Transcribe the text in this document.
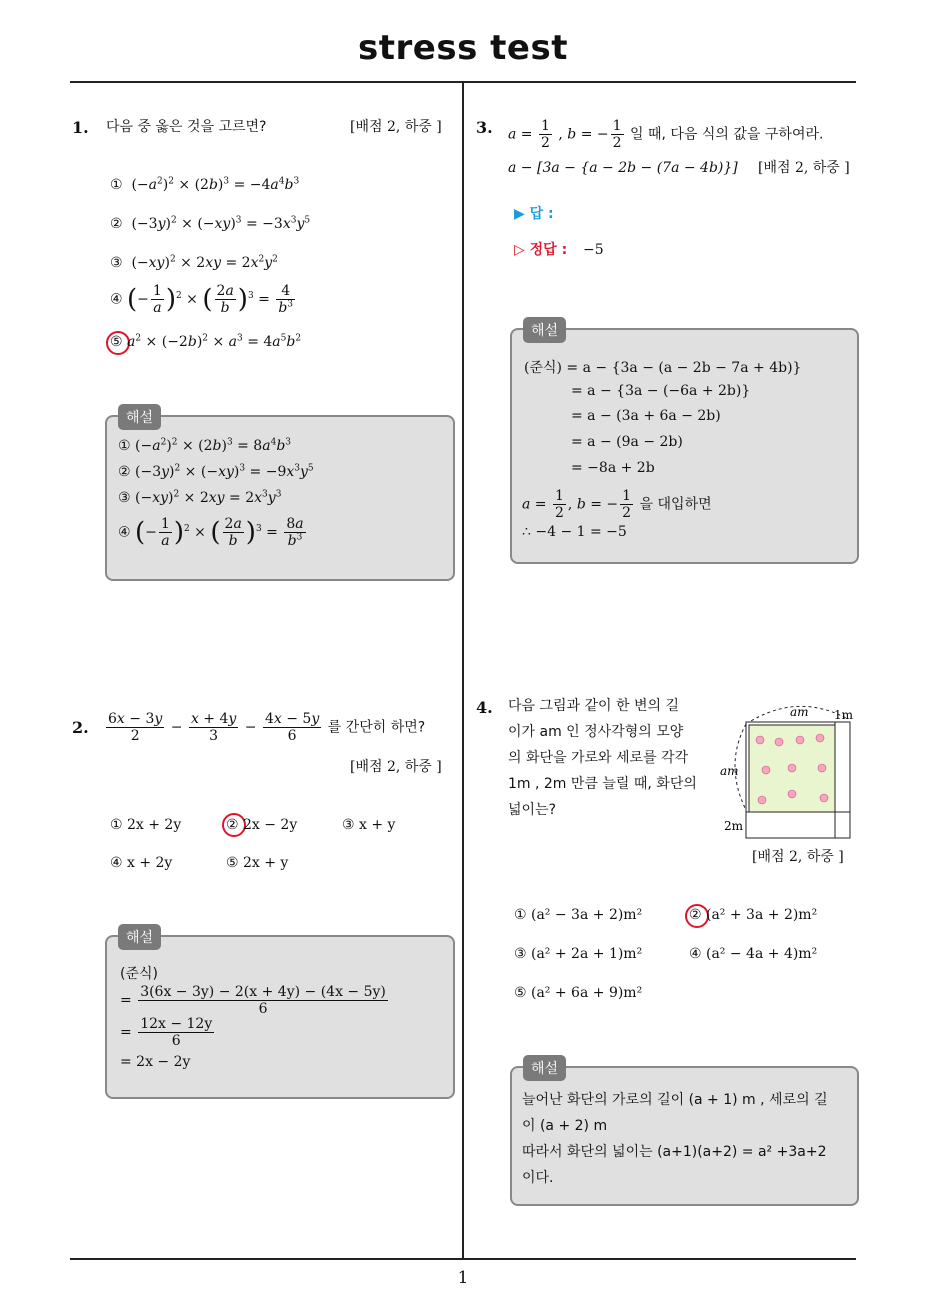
stress test
1
1. 다음 중 옳은 것을 고르면?	[배점 2, 하중 ]
①  $(-a^2)^2 \times (2b)^3 = -4a^4b^3$
②  $(-3y)^2 \times (-xy)^3 = -3x^3y^5$
③  $(-xy)^2 \times 2xy = 2x^2y^2$
④ (− $\frac{1}{a} )^2$ × ( $\frac{2a}{b} )^3 = \frac{4}{b^3}$
⑤ $a^2 \times (-2b)^2 \times a^3 = 4a^5b^2$
해설
① $(-a^2)^2 \times (2b)^3 = 8a^4b^3$
② $(-3y)^2 \times (-xy)^3 = -9x^3y^5$
③ $(-xy)^2 \times 2xy = 2x^3y^3$
④ (− $\frac{1}{a} )^2$ × ( $\frac{2a}{b} )^3 = \frac{8a}{b^3}$
2. $\frac{6x - 3y}{2} - \frac{x + 4y}{3} - \frac{4x - 5y}{6}$ 를 간단히 하면?
[배점 2, 하중 ]
① 2x + 2y	② 2x − 2y	③ x + y
④ x + 2y	⑤ 2x + y
해설
(준식)
= $\frac{3(6x - 3y) - 2(x + 4y) - (4x - 5y)}{6}$
= $\frac{12x - 12y}{6}$
= 2x − 2y
3. $a = \frac{1}{2}$ , b = − $\frac{1}{2}$ 일 때, 다음 식의 값을 구하여라.
a − [3a − {a − 2b − (7a − 4b)}] [배점 2, 하중 ]
▶ 답 :
▷ 정답 : −5
해설
(준식) = a − {3a − (a − 2b − 7a + 4b)}
= a − {3a − (−6a + 2b)}
= a − (3a + 6a − 2b)
= a − (9a − 2b)
= −8a + 2b
$a = \frac{1}{2}$ , b = − $\frac{1}{2}$ 을 대입하면
∴ −4 − 1 = −5
4. 다음 그림과 같이 한 변의 길
이가 am 인 정사각형의 모양
의 화단을 가로와 세로를 각각
1m , 2m 만큼 늘릴 때, 화단의
넓이는?
am 1m
am
2m
[배점 2, 하중 ]
① (a² − 3a + 2)m²	② (a² + 3a + 2)m²
③ (a² + 2a + 1)m²	④ (a² − 4a + 4)m²
⑤ (a² + 6a + 9)m²
해설
늘어난 화단의 가로의 길이 (a + 1) m , 세로의 길
이 (a + 2) m
따라서 화단의 넓이는 (a+1)(a+2) = a² +3a+2
이다.
